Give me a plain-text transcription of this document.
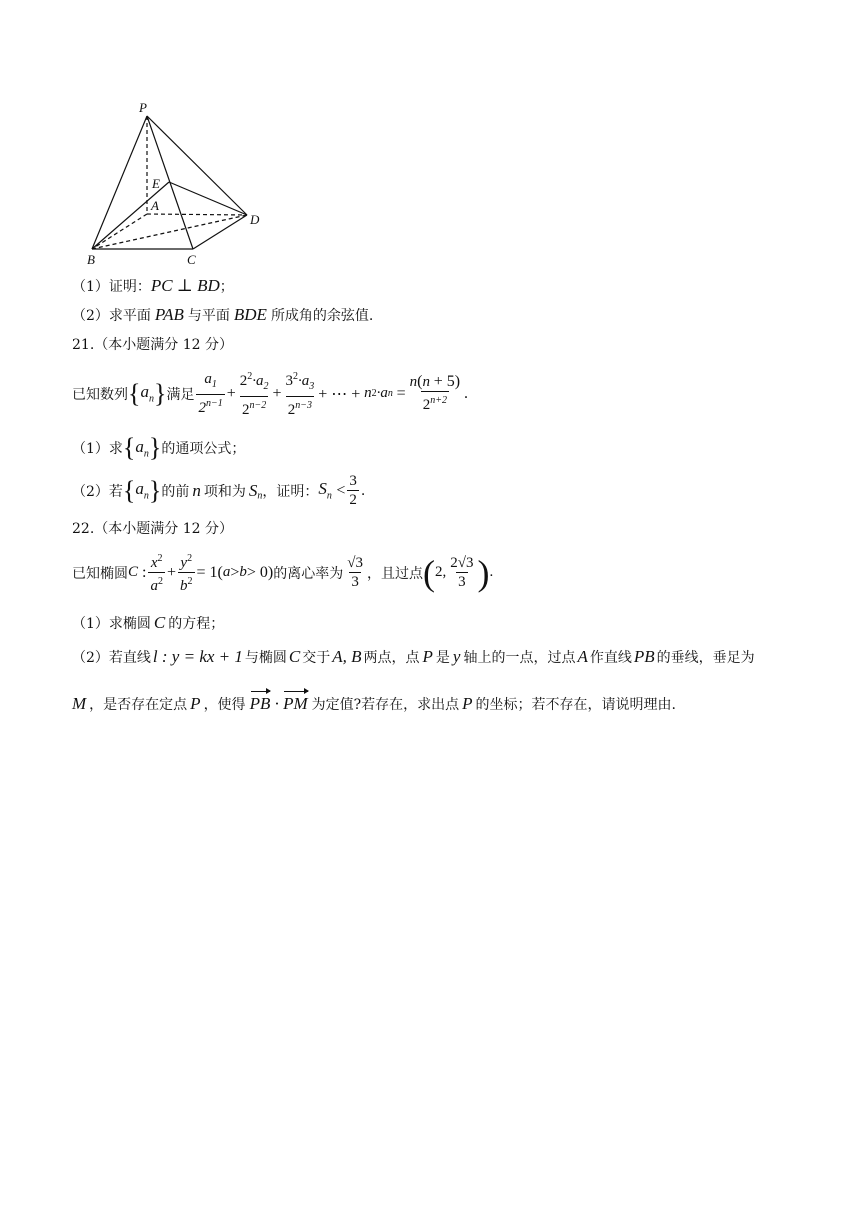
P
E
A
D
B	C
（1）证明： PC ⊥ BD ；
（2）求平面 PAB 与平面 BDE 所成角的余弦值.
21.（本小题满分 12 分）
已知数列 { $a_n$ } 满足 $\frac{a_1}{2^{n-1}} + \frac{2^2\cdot a_2}{2^{n-2}} + \frac{3^2\cdot a_3}{2^{n-3}}$ + ⋯ + n 2 ·a n
= $\frac{n(n + 5)}{2^{n+2}}$ .
（1）求 { $a_n$ } 的通项公式；
（2）若 { $a_n$ } 的前 n 项和为 S $_n$ ，证明： $S_n$
< $\frac{3}{2}$ .
22.（本小题满分 12 分）
已知椭圆 C : $\frac{x^2}{a^2} + \frac{y^2}{b^2} = 1$( a > b > 0) 的离心率为 $\frac{√3}{3}$ ，且过点 ( 2, $\frac{2√3}{3}$ ) .
（1）求椭圆 C 的方程；
（2）若直线 l : y = kx + 1 与椭圆 C 交于 A, B 两点，点 P 是 y 轴上的一点，过点 A 作直线 PB 的垂线，垂足为
M ，是否存在定点 P ，使得 PB · PM 为定值?若存在，求出点 P 的坐标；若不存在，请说明理由.
